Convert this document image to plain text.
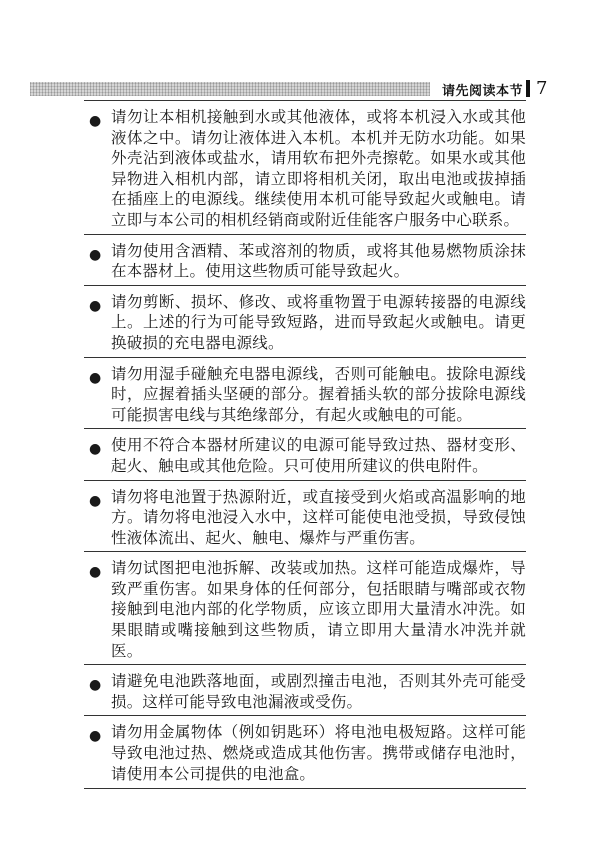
请先阅读本节 7
● 请勿让本相机接触到水或其他液体，或将本机浸入水或其他液体之中。请勿让液体进入本机。本机并无防水功能。如果外壳沾到液体或盐水，请用软布把外壳擦乾。如果水或其他异物进入相机内部，请立即将相机关闭，取出电池或拔掉插在插座上的电源线。继续使用本机可能导致起火或触电。请立即与本公司的相机经销商或附近佳能客户服务中心联系。
● 请勿使用含酒精、苯或溶剂的物质，或将其他易燃物质涂抹在本器材上。使用这些物质可能导致起火。
● 请勿剪断、损坏、修改、或将重物置于电源转接器的电源线上。上述的行为可能导致短路，进而导致起火或触电。请更换破损的充电器电源线。
● 请勿用湿手碰触充电器电源线，否则可能触电。拔除电源线时，应握着插头坚硬的部分。握着插头软的部分拔除电源线可能损害电线与其绝缘部分，有起火或触电的可能。
● 使用不符合本器材所建议的电源可能导致过热、器材变形、起火、触电或其他危险。只可使用所建议的供电附件。
● 请勿将电池置于热源附近，或直接受到火焰或高温影响的地方。请勿将电池浸入水中，这样可能使电池受损，导致侵蚀性液体流出、起火、触电、爆炸与严重伤害。
● 请勿试图把电池拆解、改装或加热。这样可能造成爆炸，导致严重伤害。如果身体的任何部分，包括眼睛与嘴部或衣物接触到电池内部的化学物质，应该立即用大量清水冲洗。如果眼睛或嘴接触到这些物质，请立即用大量清水冲洗并就医。
● 请避免电池跌落地面，或剧烈撞击电池，否则其外壳可能受损。这样可能导致电池漏液或受伤。
● 请勿用金属物体（例如钥匙环）将电池电极短路。这样可能导致电池过热、燃烧或造成其他伤害。携带或储存电池时，请使用本公司提供的电池盒。
